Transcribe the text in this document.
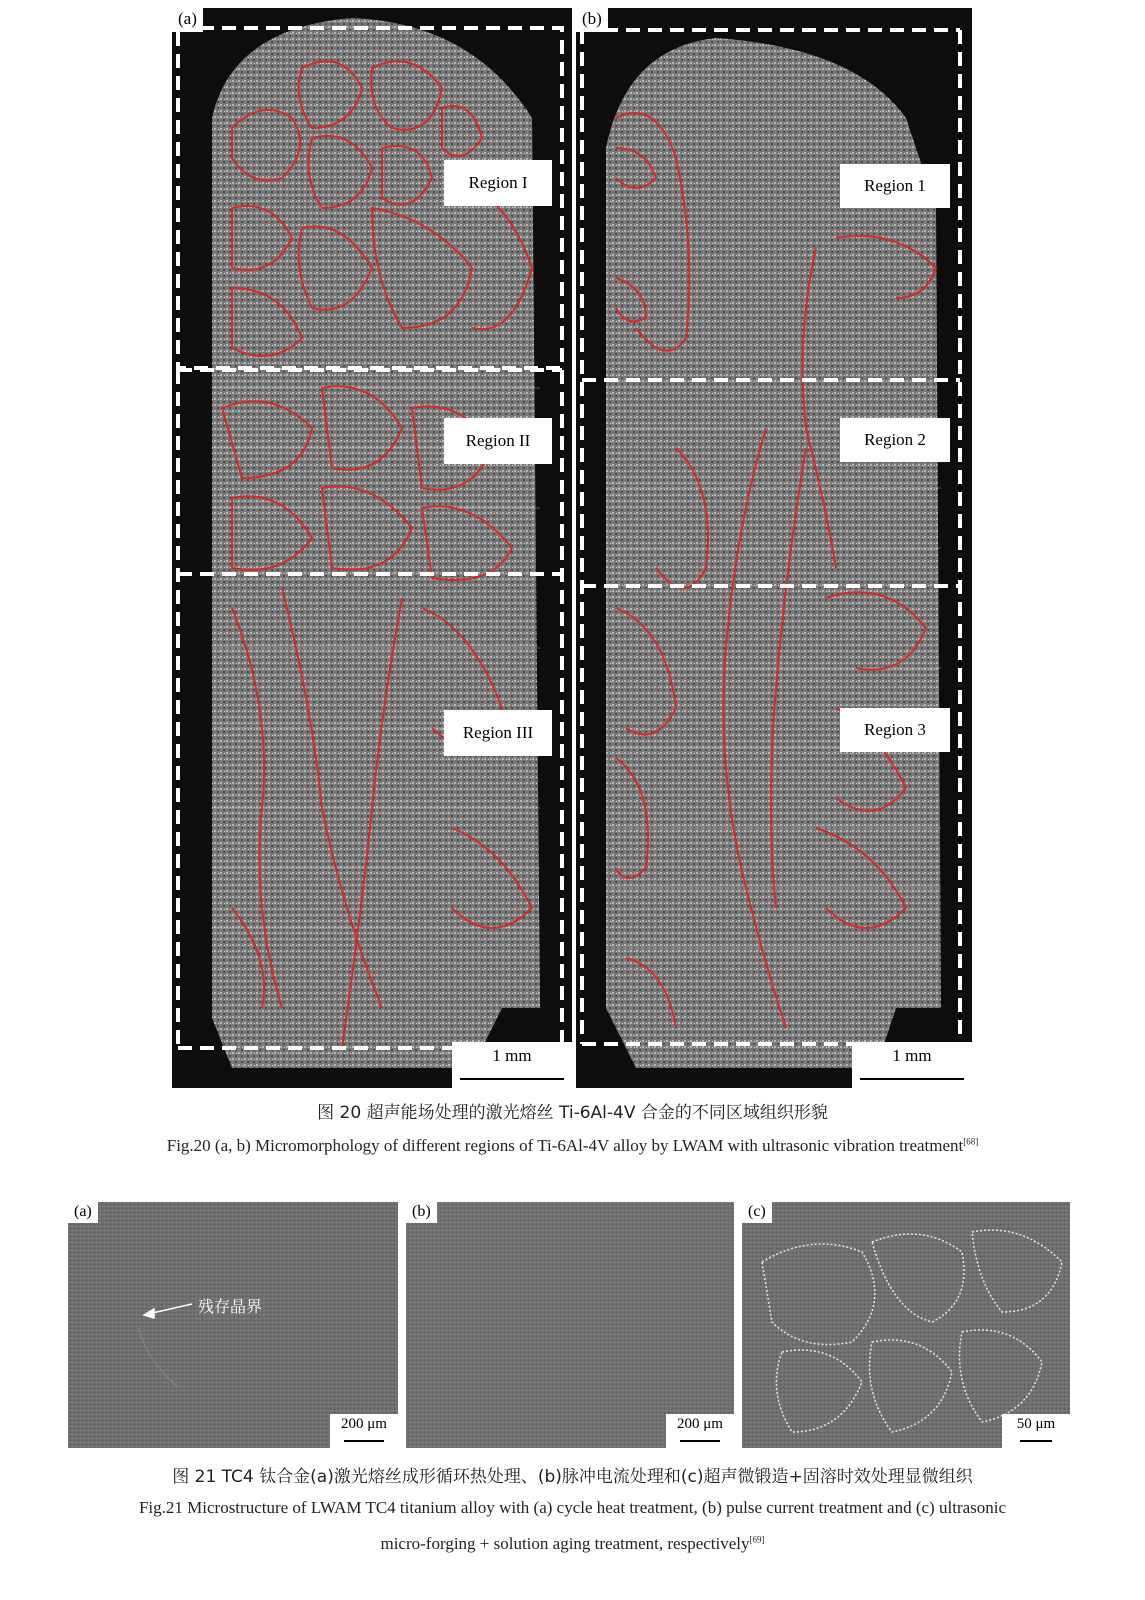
(a)
Region I
Region II
Region III
1 mm
(b)
Region 1
Region 2
Region 3
1 mm
图 20 超声能场处理的激光熔丝 Ti-6Al-4V 合金的不同区域组织形貌
Fig.20 (a, b) Micromorphology of different regions of Ti-6Al-4V alloy by LWAM with ultrasonic vibration treatment[68]
(a)
残存晶界
200 μm
(b)
200 μm
(c)
50 μm
图 21 TC4 钛合金(a)激光熔丝成形循环热处理、(b)脉冲电流处理和(c)超声微锻造+固溶时效处理显微组织
Fig.21 Microstructure of LWAM TC4 titanium alloy with (a) cycle heat treatment, (b) pulse current treatment and (c) ultrasonic
micro-forging + solution aging treatment, respectively[69]
